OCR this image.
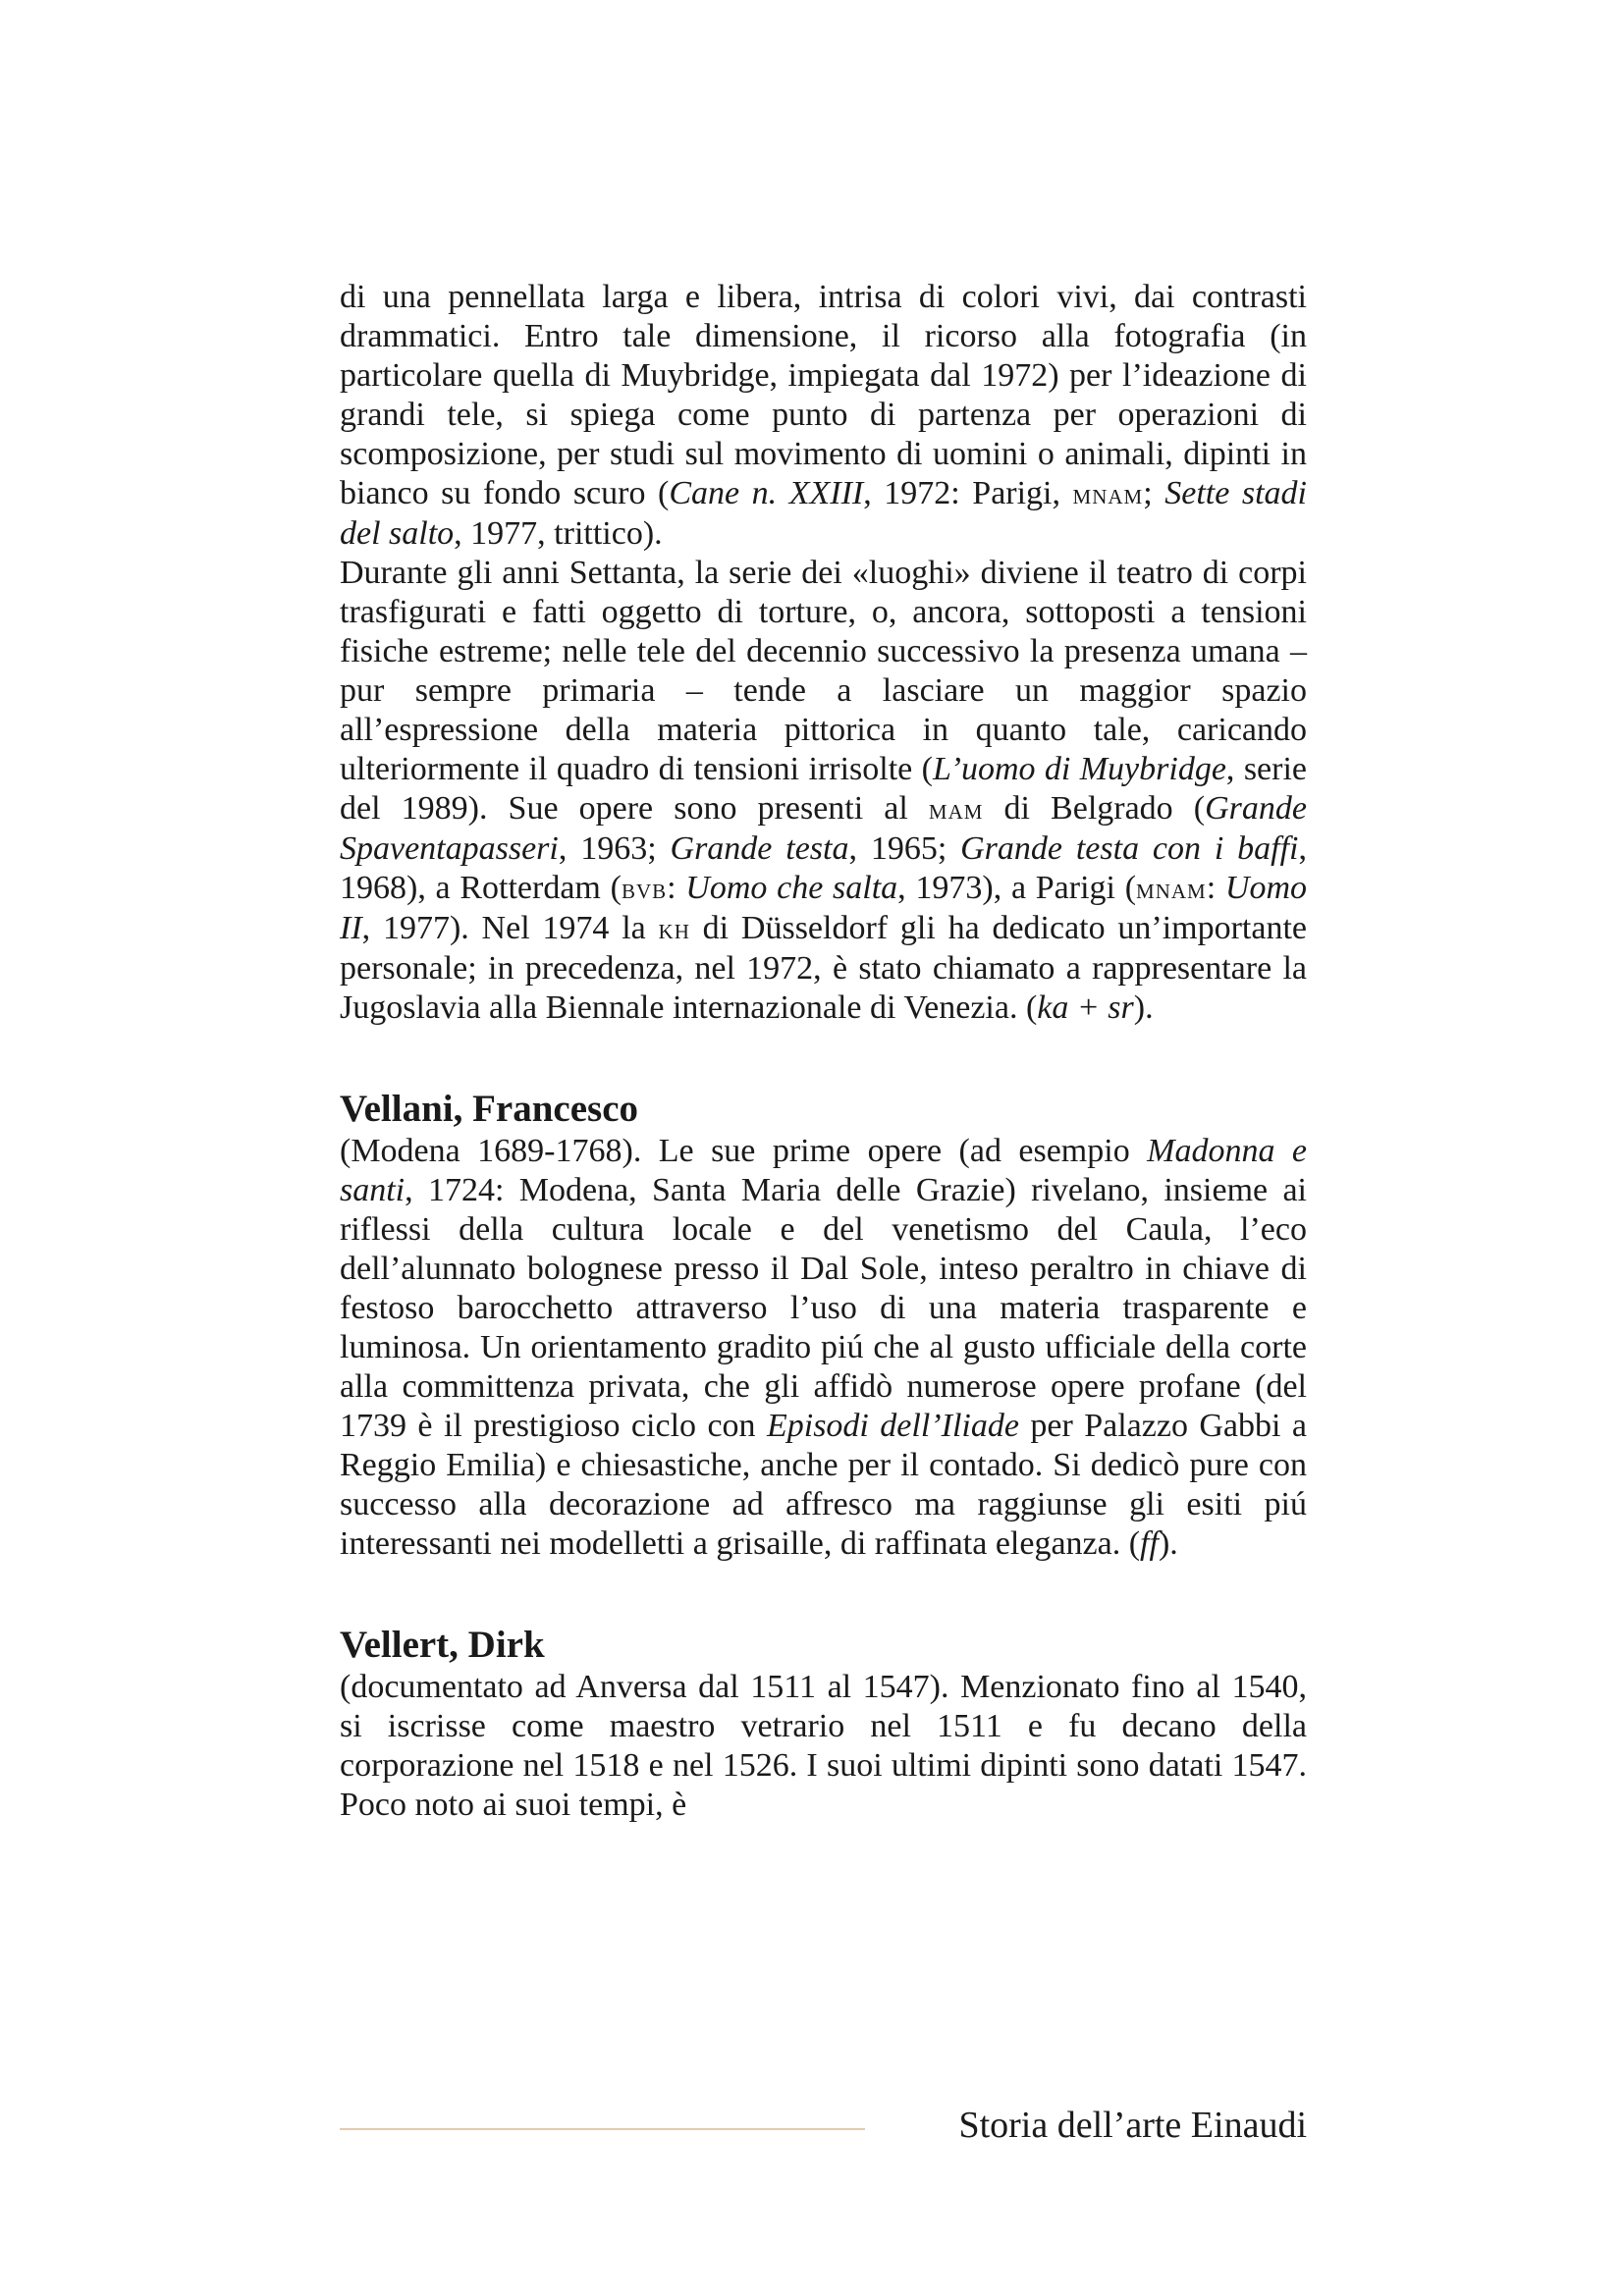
di una pennellata larga e libera, intrisa di colori vivi, dai contrasti drammatici. Entro tale dimensione, il ricorso alla fotografia (in particolare quella di Muybridge, impiegata dal 1972) per l’ideazione di grandi tele, si spiega come punto di partenza per operazioni di scomposizione, per studi sul movimento di uomini o animali, dipinti in bianco su fondo scuro (Cane n. XXIII, 1972: Parigi, mnam; Sette stadi del salto, 1977, trittico).

Durante gli anni Settanta, la serie dei «luoghi» diviene il teatro di corpi trasfigurati e fatti oggetto di torture, o, ancora, sottoposti a tensioni fisiche estreme; nelle tele del decennio successivo la presenza umana – pur sempre primaria – tende a lasciare un maggior spazio all’espressione della materia pittorica in quanto tale, caricando ulteriormente il quadro di tensioni irrisolte (L’uomo di Muybridge, serie del 1989). Sue opere sono presenti al mam di Belgrado (Grande Spaventapasseri, 1963; Grande testa, 1965; Grande testa con i baffi, 1968), a Rotterdam (bvb: Uomo che salta, 1973), a Parigi (mnam: Uomo II, 1977). Nel 1974 la kh di Düsseldorf gli ha dedicato un’importante personale; in precedenza, nel 1972, è stato chiamato a rappresentare la Jugoslavia alla Biennale internazionale di Venezia. (ka + sr).

Vellani, Francesco

(Modena 1689-1768). Le sue prime opere (ad esempio Madonna e santi, 1724: Modena, Santa Maria delle Grazie) rivelano, insieme ai riflessi della cultura locale e del venetismo del Caula, l’eco dell’alunnato bolognese presso il Dal Sole, inteso peraltro in chiave di festoso barocchetto attraverso l’uso di una materia trasparente e luminosa. Un orientamento gradito piú che al gusto ufficiale della corte alla committenza privata, che gli affidò numerose opere profane (del 1739 è il prestigioso ciclo con Episodi dell’Iliade per Palazzo Gabbi a Reggio Emilia) e chiesastiche, anche per il contado. Si dedicò pure con successo alla decorazione ad affresco ma raggiunse gli esiti piú interessanti nei modelletti a grisaille, di raffinata eleganza. (ff).

Vellert, Dirk

(documentato ad Anversa dal 1511 al 1547). Menzionato fino al 1540, si iscrisse come maestro vetrario nel 1511 e fu decano della corporazione nel 1518 e nel 1526. I suoi ultimi dipinti sono datati 1547. Poco noto ai suoi tempi, è

Storia dell’arte Einaudi
